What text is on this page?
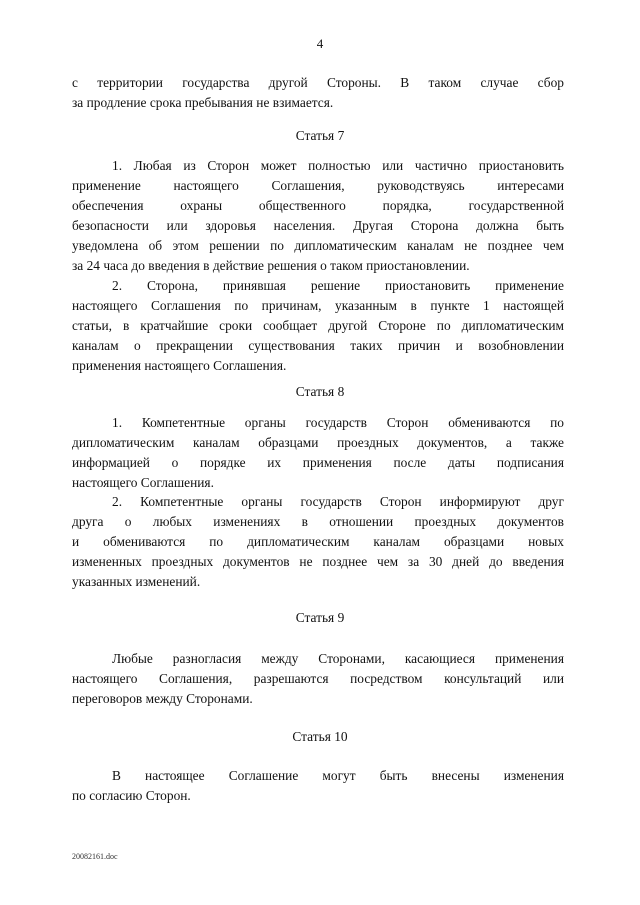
4
с территории государства другой Стороны. В таком случае сбор
за продление срока пребывания не взимается.
Статья 7
1. Любая из Сторон может полностью или частично приостановить
применение настоящего Соглашения, руководствуясь интересами
обеспечения охраны общественного порядка, государственной
безопасности или здоровья населения. Другая Сторона должна быть
уведомлена об этом решении по дипломатическим каналам не позднее чем
за 24 часа до введения в действие решения о таком приостановлении.
2. Сторона, принявшая решение приостановить применение
настоящего Соглашения по причинам, указанным в пункте 1 настоящей
статьи, в кратчайшие сроки сообщает другой Стороне по дипломатическим
каналам о прекращении существования таких причин и возобновлении
применения настоящего Соглашения.
Статья 8
1. Компетентные органы государств Сторон обмениваются по
дипломатическим каналам образцами проездных документов, а также
информацией о порядке их применения после даты подписания
настоящего Соглашения.
2. Компетентные органы государств Сторон информируют друг
друга о любых изменениях в отношении проездных документов
и обмениваются по дипломатическим каналам образцами новых
измененных проездных документов не позднее чем за 30 дней до введения
указанных изменений.
Статья 9
Любые разногласия между Сторонами, касающиеся применения
настоящего Соглашения, разрешаются посредством консультаций или
переговоров между Сторонами.
Статья 10
В настоящее Соглашение могут быть внесены изменения
по согласию Сторон.
20082161.doc
